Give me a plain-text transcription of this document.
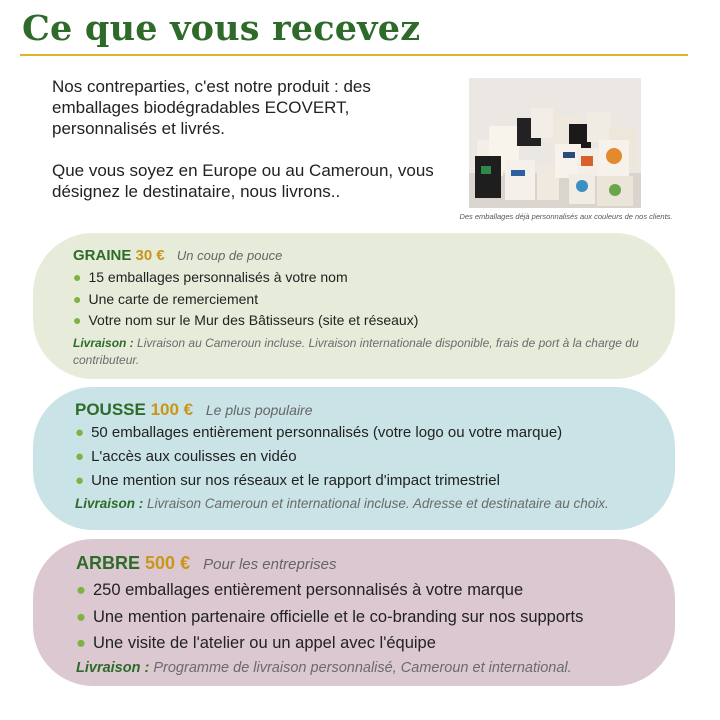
Ce que vous recevez

Nos contreparties, c'est notre produit : des emballages biodégradables ECOVERT, personnalisés et livrés.

Que vous soyez en Europe ou au Cameroun, vous désignez le destinataire, nous livrons..

Des emballages déjà personnalisés aux couleurs de nos clients.

GRAINE 30 € Un coup de pouce

● 15 emballages personnalisés à votre nom
● Une carte de remerciement
● Votre nom sur le Mur des Bâtisseurs (site et réseaux)
Livraison : Livraison au Cameroun incluse. Livraison internationale disponible, frais de port à la charge du contributeur.

POUSSE 100 € Le plus populaire

● 50 emballages entièrement personnalisés (votre logo ou votre marque)
● L'accès aux coulisses en vidéo
● Une mention sur nos réseaux et le rapport d'impact trimestriel
Livraison : Livraison Cameroun et international incluse. Adresse et destinataire au choix.

ARBRE 500 € Pour les entreprises

● 250 emballages entièrement personnalisés à votre marque
● Une mention partenaire officielle et le co-branding sur nos supports
● Une visite de l'atelier ou un appel avec l'équipe
Livraison : Programme de livraison personnalisé, Cameroun et international.
